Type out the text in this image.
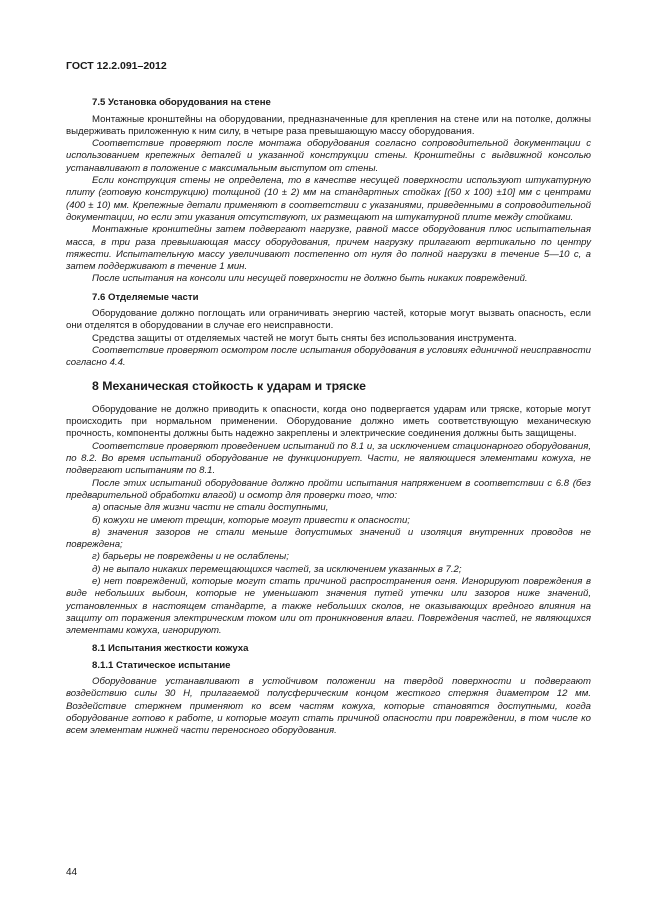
ГОСТ 12.2.091–2012
7.5 Установка оборудования на стене

Монтажные кронштейны на оборудовании, предназначенные для крепления на стене или на потолке, должны выдерживать приложенную к ним силу, в четыре раза превышающую массу оборудования.

Соответствие проверяют после монтажа оборудования согласно сопроводительной документации с использованием крепежных деталей и указанной конструкции стены. Кронштейны с выдвижной консолью устанавливают в положение с максимальным выступом от стены.

Если конструкция стены не определена, то в качестве несущей поверхности используют штукатурную плиту (готовую конструкцию) толщиной (10 ± 2) мм на стандартных стойках [(50 х 100) ±10] мм с центрами (400 ± 10) мм. Крепежные детали применяют в соответствии с указаниями, приведенными в сопроводительной документации, но если эти указания отсутствуют, их размещают на штукатурной плите между стойками.

Монтажные кронштейны затем подвергают нагрузке, равной массе оборудования плюс испытательная масса, в три раза превышающая массу оборудования, причем нагрузку прилагают вертикально по центру тяжести. Испытательную массу увеличивают постепенно от нуля до полной нагрузки в течение 5—10 с, а затем поддерживают в течение 1 мин.

После испытания на консоли или несущей поверхности не должно быть никаких повреждений.

7.6 Отделяемые части

Оборудование должно поглощать или ограничивать энергию частей, которые могут вызвать опасность, если они отделятся в оборудовании в случае его неисправности.

Средства защиты от отделяемых частей не могут быть сняты без использования инструмента.

Соответствие проверяют осмотром после испытания оборудования в условиях единичной неисправности согласно 4.4.

8 Механическая стойкость к ударам и тряске

Оборудование не должно приводить к опасности, когда оно подвергается ударам или тряске, которые могут происходить при нормальном применении. Оборудование должно иметь соответствующую механическую прочность, компоненты должны быть надежно закреплены и электрические соединения должны быть защищены.

Соответствие проверяют проведением испытаний по 8.1 и, за исключением стационарного оборудования, по 8.2. Во время испытаний оборудование не функционирует. Части, не являющиеся элементами кожуха, не подвергают испытаниям по 8.1.

После этих испытаний оборудование должно пройти испытания напряжением в соответствии с 6.8 (без предварительной обработки влагой) и осмотр для проверки того, что:

а) опасные для жизни части не стали доступными,

б) кожухи не имеют трещин, которые могут привести к опасности;

в) значения зазоров не стали меньше допустимых значений и изоляция внутренних проводов не повреждена;

г) барьеры не повреждены и не ослаблены;

д) не выпало никаких перемещающихся частей, за исключением указанных в 7.2;

е) нет повреждений, которые могут стать причиной распространения огня. Игнорируют повреждения в виде небольших выбоин, которые не уменьшают значения путей утечки или зазоров ниже значений, установленных в настоящем стандарте, а также небольших сколов, не оказывающих вредного влияния на защиту от поражения электрическим током или от проникновения влаги. Повреждения частей, не являющихся элементами кожуха, игнорируют.

8.1 Испытания жесткости кожуха
8.1.1 Статическое испытание

Оборудование устанавливают в устойчивом положении на твердой поверхности и подвергают воздействию силы 30 Н, прилагаемой полусферическим концом жесткого стержня диаметром 12 мм. Воздействие стержнем применяют ко всем частям кожуха, которые становятся доступными, когда оборудование готово к работе, и которые могут стать причиной опасности при повреждении, в том числе ко всем элементам нижней части переносного оборудования.

44
